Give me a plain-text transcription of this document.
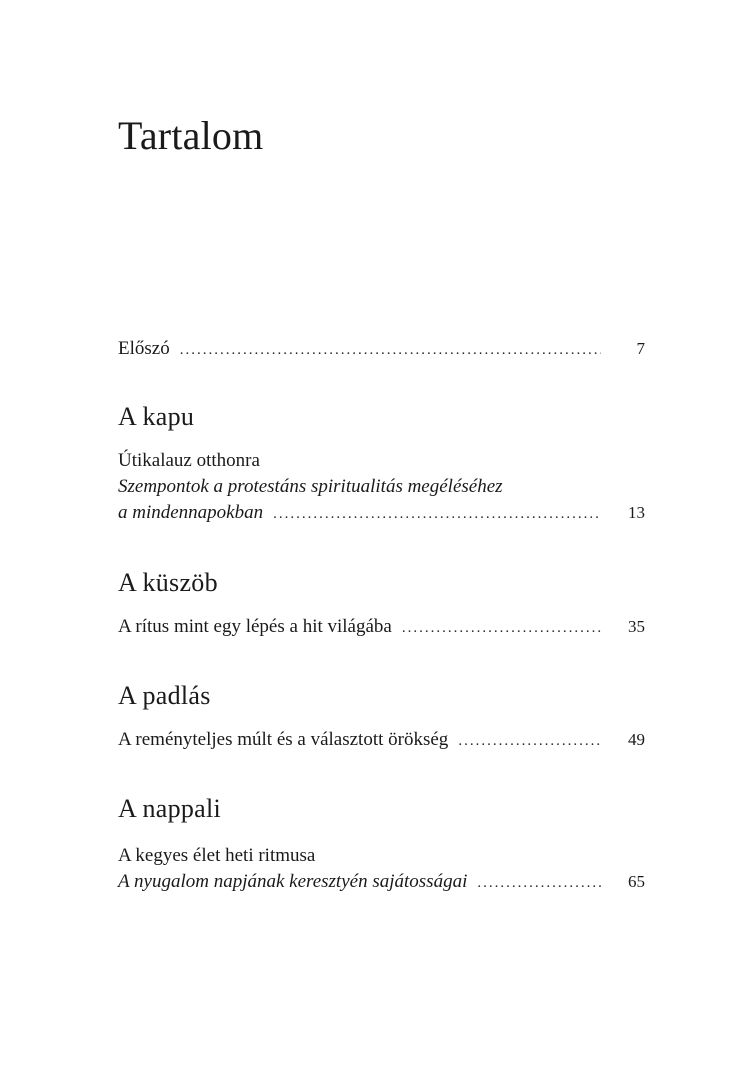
Tartalom
Előszó .....	7
A kapu
Útikalauz otthonra
Szempontok a protestáns spiritualitás megéléséhez
a mindennapokban .....	13
A küszöb
A rítus mint egy lépés a hit világába .....	35
A padlás
A reményteljes múlt és a választott örökség .....	49
A nappali
A kegyes élet heti ritmusa
A nyugalom napjának keresztyén sajátosságai .....	65
